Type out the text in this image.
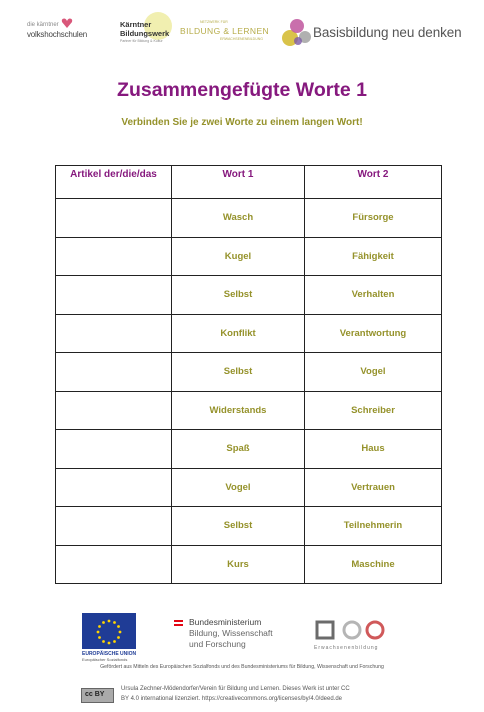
die kärntner
volkshochschulen
Kärntner
Bildungswerk
Partner für Bildung & Kultur
NETZWERK FÜR
BILDUNG & LERNEN
ERWACHSENENBILDUNG	Basisbildung neu denken
Zusammengefügte Worte 1
Verbinden Sie je zwei Worte zu einem langen Wort!
Artikel der/die/das	Wort 1	Wort 2
	Wasch	Fürsorge
	Kugel	Fähigkeit
	Selbst	Verhalten
	Konflikt	Verantwortung
	Selbst	Vogel
	Widerstands	Schreiber
	Spaß	Haus
	Vogel	Vertrauen
	Selbst	Teilnehmerin
	Kurs	Maschine
EUROPÄISCHE UNION
Europäischer Sozialfonds
Bundesministerium
Bildung, Wissenschaft
und Forschung	Erwachsenenbildung
Gefördert aus Mitteln des Europäischen Sozialfonds und des Bundesministeriums für Bildung, Wissenschaft und Forschung
cc BY
Ursula Zechner-Mödendorfer/Verein für Bildung und Lernen. Dieses Werk ist unter CC
BY 4.0 international lizenziert. https://creativecommons.org/licenses/by/4.0/deed.de
